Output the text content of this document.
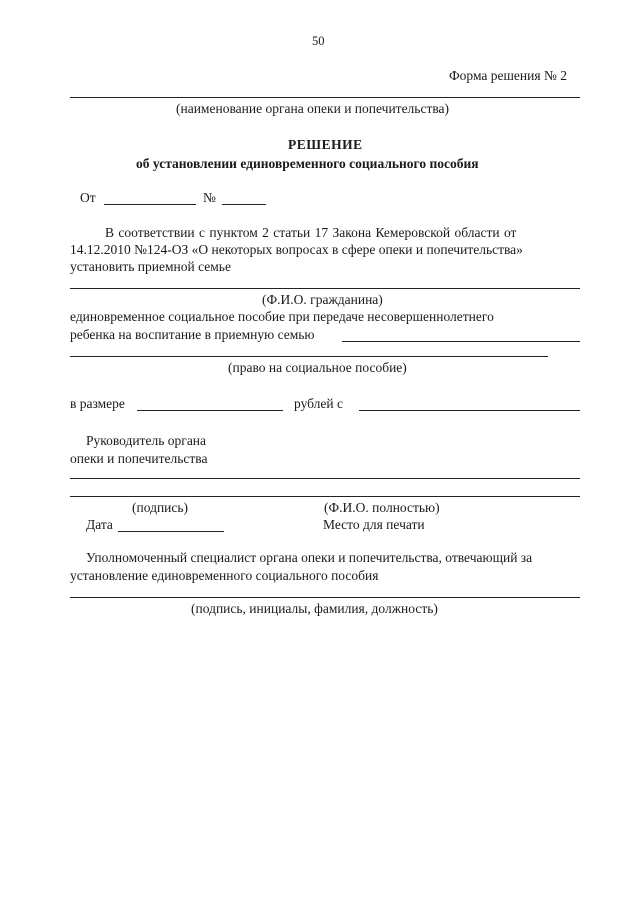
50
Форма решения № 2
(наименование органа опеки и попечительства)
РЕШЕНИЕ
об установлении единовременного социального пособия
От	№
В соответствии с пунктом 2 статьи 17 Закона Кемеровской области от
14.12.2010 №124-ОЗ «О некоторых вопросах в сфере опеки и попечительства»
установить приемной семье
(Ф.И.О. гражданина)
единовременное социальное пособие при передаче несовершеннолетнего
ребенка на воспитание в приемную семью
(право на социальное пособие)
в размере	рублей с
Руководитель органа
опеки и попечительства
(подпись)	(Ф.И.О. полностью)
Дата	Место для печати
Уполномоченный специалист органа опеки и попечительства, отвечающий за
установление единовременного социального пособия
(подпись, инициалы, фамилия, должность)
